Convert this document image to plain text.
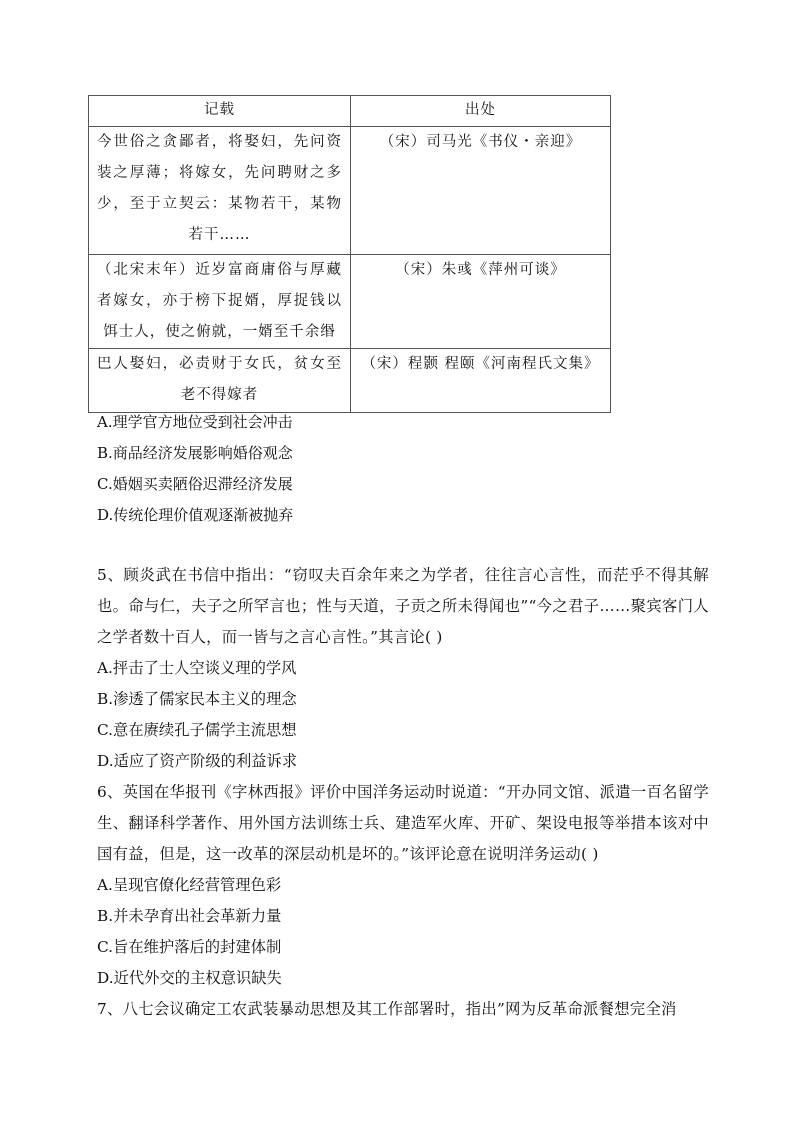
记载	出处
今世俗之贪鄙者，将娶妇，先问资装之厚薄；将嫁女，先问聘财之多少，至于立契云：某物若干，某物若干……	（宋）司马光《书仪・亲迎》
（北宋末年）近岁富商庸俗与厚藏者嫁女，亦于榜下捉婿，厚捉钱以饵士人，使之俯就，一婿至千余缗	（宋）朱彧《萍州可谈》
巴人娶妇，必责财于女氏，贫女至老不得嫁者	（宋）程颢 程颐《河南程氏文集》
A.理学官方地位受到社会冲击
B.商品经济发展影响婚俗观念
C.婚姻买卖陋俗迟滞经济发展
D.传统伦理价值观逐渐被抛弃
5、顾炎武在书信中指出：“窃叹夫百余年来之为学者，往往言心言性，而茫乎不得其解也。命与仁，夫子之所罕言也；性与天道，子贡之所未得闻也”“今之君子……聚宾客门人之学者数十百人，而一皆与之言心言性。”其言论( )
A.抨击了士人空谈义理的学风
B.渗透了儒家民本主义的理念
C.意在赓续孔子儒学主流思想
D.适应了资产阶级的利益诉求
6、英国在华报刊《字林西报》评价中国洋务运动时说道：“开办同文馆、派遣一百名留学生、翻译科学著作、用外国方法训练士兵、建造军火库、开矿、架设电报等举措本该对中国有益，但是，这一改革的深层动机是坏的。”该评论意在说明洋务运动( )
A.呈现官僚化经营管理色彩
B.并未孕育出社会革新力量
C.旨在维护落后的封建体制
D.近代外交的主权意识缺失
7、八七会议确定工农武装暴动思想及其工作部署时，指出”网为反革命派餐想完全消
